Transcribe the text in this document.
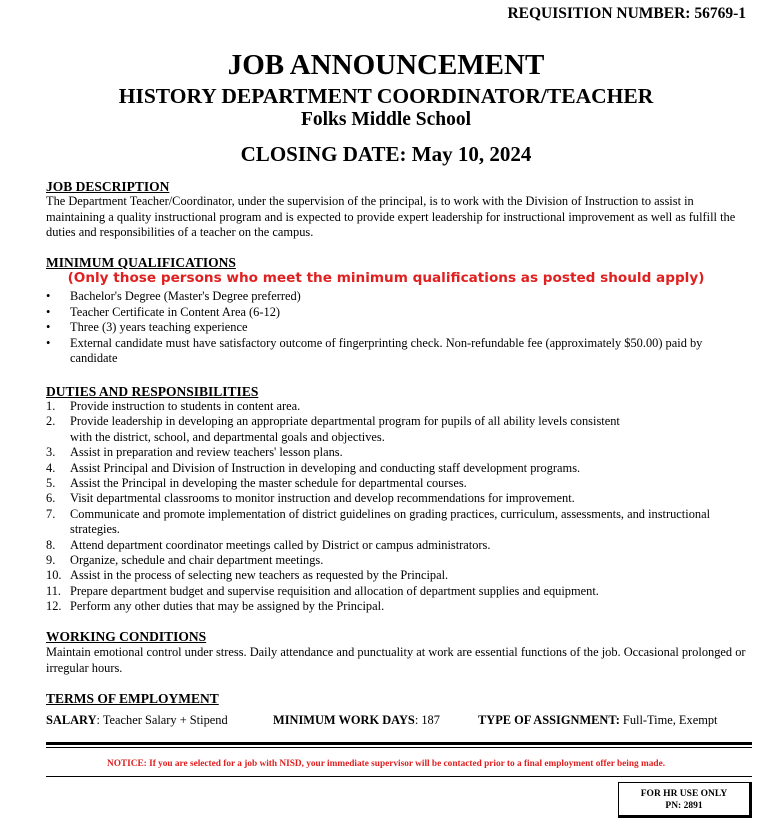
REQUISITION NUMBER: 56769-1
JOB ANNOUNCEMENT
HISTORY DEPARTMENT COORDINATOR/TEACHER
Folks Middle School
CLOSING DATE: May 10, 2024
JOB DESCRIPTION
The Department Teacher/Coordinator, under the supervision of the principal, is to work with the Division of Instruction to assist in maintaining a quality instructional program and is expected to provide expert leadership for instructional improvement as well as fulfill the duties and responsibilities of a teacher on the campus.
MINIMUM QUALIFICATIONS
(Only those persons who meet the minimum qualifications as posted should apply)
• Bachelor's Degree (Master's Degree preferred)
• Teacher Certificate in Content Area (6-12)
• Three (3) years teaching experience
• External candidate must have satisfactory outcome of fingerprinting check. Non-refundable fee (approximately $50.00) paid by candidate
DUTIES AND RESPONSIBILITIES
1. Provide instruction to students in content area.
2. Provide leadership in developing an appropriate departmental program for pupils of all ability levels consistent with the district, school, and departmental goals and objectives.
3. Assist in preparation and review teachers' lesson plans.
4. Assist Principal and Division of Instruction in developing and conducting staff development programs.
5. Assist the Principal in developing the master schedule for departmental courses.
6. Visit departmental classrooms to monitor instruction and develop recommendations for improvement.
7. Communicate and promote implementation of district guidelines on grading practices, curriculum, assessments, and instructional strategies.
8. Attend department coordinator meetings called by District or campus administrators.
9. Organize, schedule and chair department meetings.
10. Assist in the process of selecting new teachers as requested by the Principal.
11. Prepare department budget and supervise requisition and allocation of department supplies and equipment.
12. Perform any other duties that may be assigned by the Principal.
WORKING CONDITIONS
Maintain emotional control under stress. Daily attendance and punctuality at work are essential functions of the job. Occasional prolonged or irregular hours.
TERMS OF EMPLOYMENT
SALARY: Teacher Salary + Stipend	MINIMUM WORK DAYS: 187	TYPE OF ASSIGNMENT: Full-Time, Exempt
NOTICE: If you are selected for a job with NISD, your immediate supervisor will be contacted prior to a final employment offer being made.
FOR HR USE ONLY
PN: 2891
